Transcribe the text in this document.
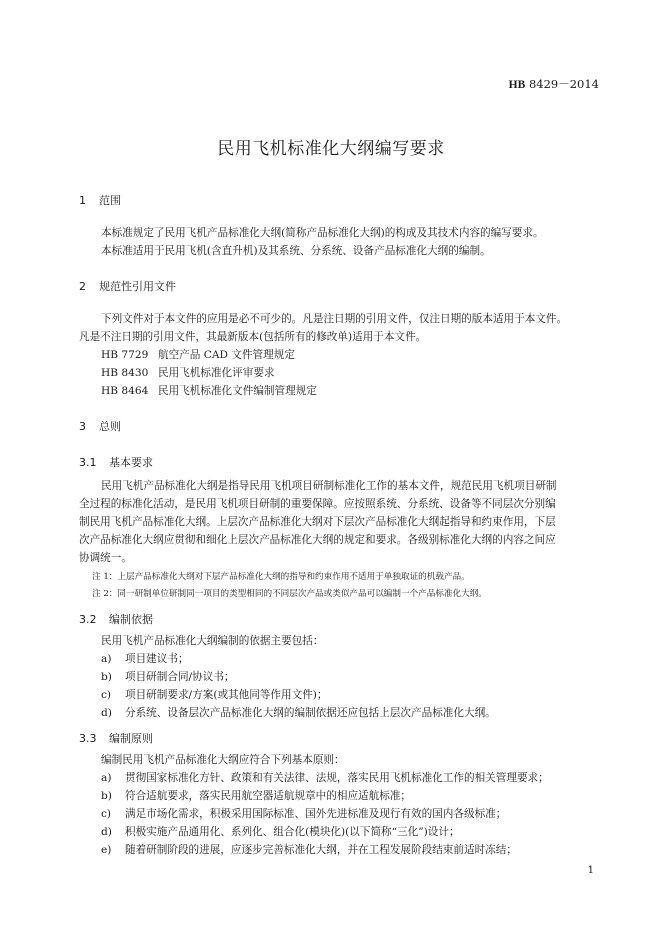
HB 8429－2014
民用飞机标准化大纲编写要求
1 范围
本标准规定了民用飞机产品标准化大纲(简称产品标准化大纲)的构成及其技术内容的编写要求。
本标准适用于民用飞机(含直升机)及其系统、分系统、设备产品标准化大纲的编制。
2 规范性引用文件
下列文件对于本文件的应用是必不可少的。凡是注日期的引用文件，仅注日期的版本适用于本文件。
凡是不注日期的引用文件，其最新版本(包括所有的修改单)适用于本文件。
HB 7729 航空产品 CAD 文件管理规定
HB 8430 民用飞机标准化评审要求
HB 8464 民用飞机标准化文件编制管理规定
3 总则
3.1 基本要求
民用飞机产品标准化大纲是指导民用飞机项目研制标准化工作的基本文件，规范民用飞机项目研制
全过程的标准化活动，是民用飞机项目研制的重要保障。应按照系统、分系统、设备等不同层次分别编
制民用飞机产品标准化大纲。上层次产品标准化大纲对下层次产品标准化大纲起指导和约束作用，下层
次产品标准化大纲应贯彻和细化上层次产品标准化大纲的规定和要求。各级别标准化大纲的内容之间应
协调统一。
注 1：上层产品标准化大纲对下层产品标准化大纲的指导和约束作用不适用于单独取证的机载产品。
注 2：同一研制单位研制同一项目的类型相同的不同层次产品或类似产品可以编制一个产品标准化大纲。
3.2 编制依据
民用飞机产品标准化大纲编制的依据主要包括：
a) 项目建议书；
b) 项目研制合同/协议书；
c) 项目研制要求/方案(或其他同等作用文件)；
d) 分系统、设备层次产品标准化大纲的编制依据还应包括上层次产品标准化大纲。
3.3 编制原则
编制民用飞机产品标准化大纲应符合下列基本原则：
a) 贯彻国家标准化方针、政策和有关法律、法规，落实民用飞机标准化工作的相关管理要求；
b) 符合适航要求，落实民用航空器适航规章中的相应适航标准；
c) 满足市场化需求，积极采用国际标准、国外先进标准及现行有效的国内各级标准；
d) 积极实施产品通用化、系列化、组合化(模块化)(以下简称“三化”)设计；
e) 随着研制阶段的进展，应逐步完善标准化大纲，并在工程发展阶段结束前适时冻结；
1
